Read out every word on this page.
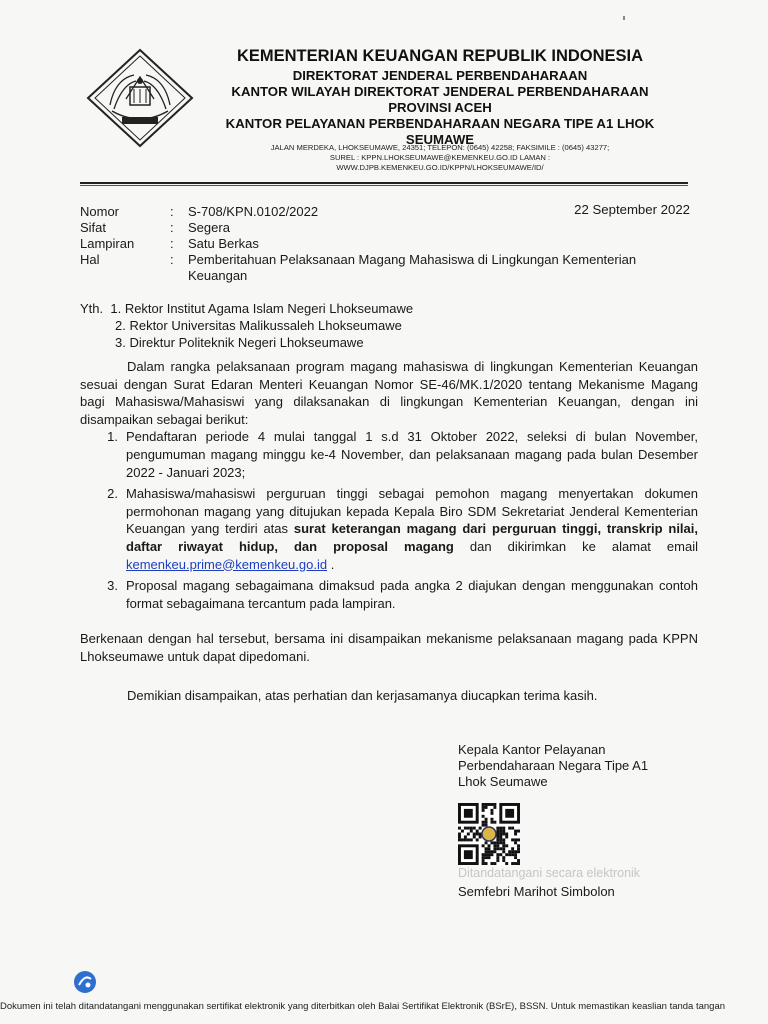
KEMENTERIAN KEUANGAN REPUBLIK INDONESIA
DIREKTORAT JENDERAL PERBENDAHARAAN
KANTOR WILAYAH DIREKTORAT JENDERAL PERBENDAHARAAN
PROVINSI ACEH
KANTOR PELAYANAN PERBENDAHARAAN NEGARA TIPE A1 LHOK
SEUMAWE
JALAN MERDEKA, LHOKSEUMAWE, 24351; TELEPON: (0645) 42258; FAKSIMILE : (0645) 43277;
SUREL : KPPN.LHOKSEUMAWE@KEMENKEU.GO.ID LAMAN :
WWW.DJPB.KEMENKEU.GO.ID/KPPN/LHOKSEUMAWE/ID/
22 September 2022
Nomor	:	S-708/KPN.0102/2022
Sifat	:	Segera
Lampiran	:	Satu Berkas
Hal	:	Pemberitahuan Pelaksanaan Magang Mahasiswa di Lingkungan Kementerian
Keuangan
Yth. 1. Rektor Institut Agama Islam Negeri Lhokseumawe
2. Rektor Universitas Malikussaleh Lhokseumawe
3. Direktur Politeknik Negeri Lhokseumawe
Dalam rangka pelaksanaan program magang mahasiswa di lingkungan Kementerian Keuangan sesuai dengan Surat Edaran Menteri Keuangan Nomor SE-46/MK.1/2020 tentang Mekanisme Magang bagi Mahasiswa/Mahasiswi yang dilaksanakan di lingkungan Kementerian Keuangan, dengan ini disampaikan sebagai berikut:
1. Pendaftaran periode 4 mulai tanggal 1 s.d 31 Oktober 2022, seleksi di bulan November, pengumuman magang minggu ke-4 November, dan pelaksanaan magang pada bulan Desember 2022 - Januari 2023;
2. Mahasiswa/mahasiswi perguruan tinggi sebagai pemohon magang menyertakan dokumen permohonan magang yang ditujukan kepada Kepala Biro SDM Sekretariat Jenderal Kementerian Keuangan yang terdiri atas surat keterangan magang dari perguruan tinggi, transkrip nilai, daftar riwayat hidup, dan proposal magang dan dikirimkan ke alamat email kemenkeu.prime@kemenkeu.go.id .
3. Proposal magang sebagaimana dimaksud pada angka 2 diajukan dengan menggunakan contoh format sebagaimana tercantum pada lampiran.
Berkenaan dengan hal tersebut, bersama ini disampaikan mekanisme pelaksanaan magang pada KPPN Lhokseumawe untuk dapat dipedomani.
Demikian disampaikan, atas perhatian dan kerjasamanya diucapkan terima kasih.
Kepala Kantor Pelayanan
Perbendaharaan Negara Tipe A1
Lhok Seumawe
Ditandatangani secara elektronik
Semfebri Marihot Simbolon
Dokumen ini telah ditandatangani menggunakan sertifikat elektronik yang diterbitkan oleh Balai Sertifikat Elektronik (BSrE), BSSN. Untuk memastikan keaslian tanda tangan
